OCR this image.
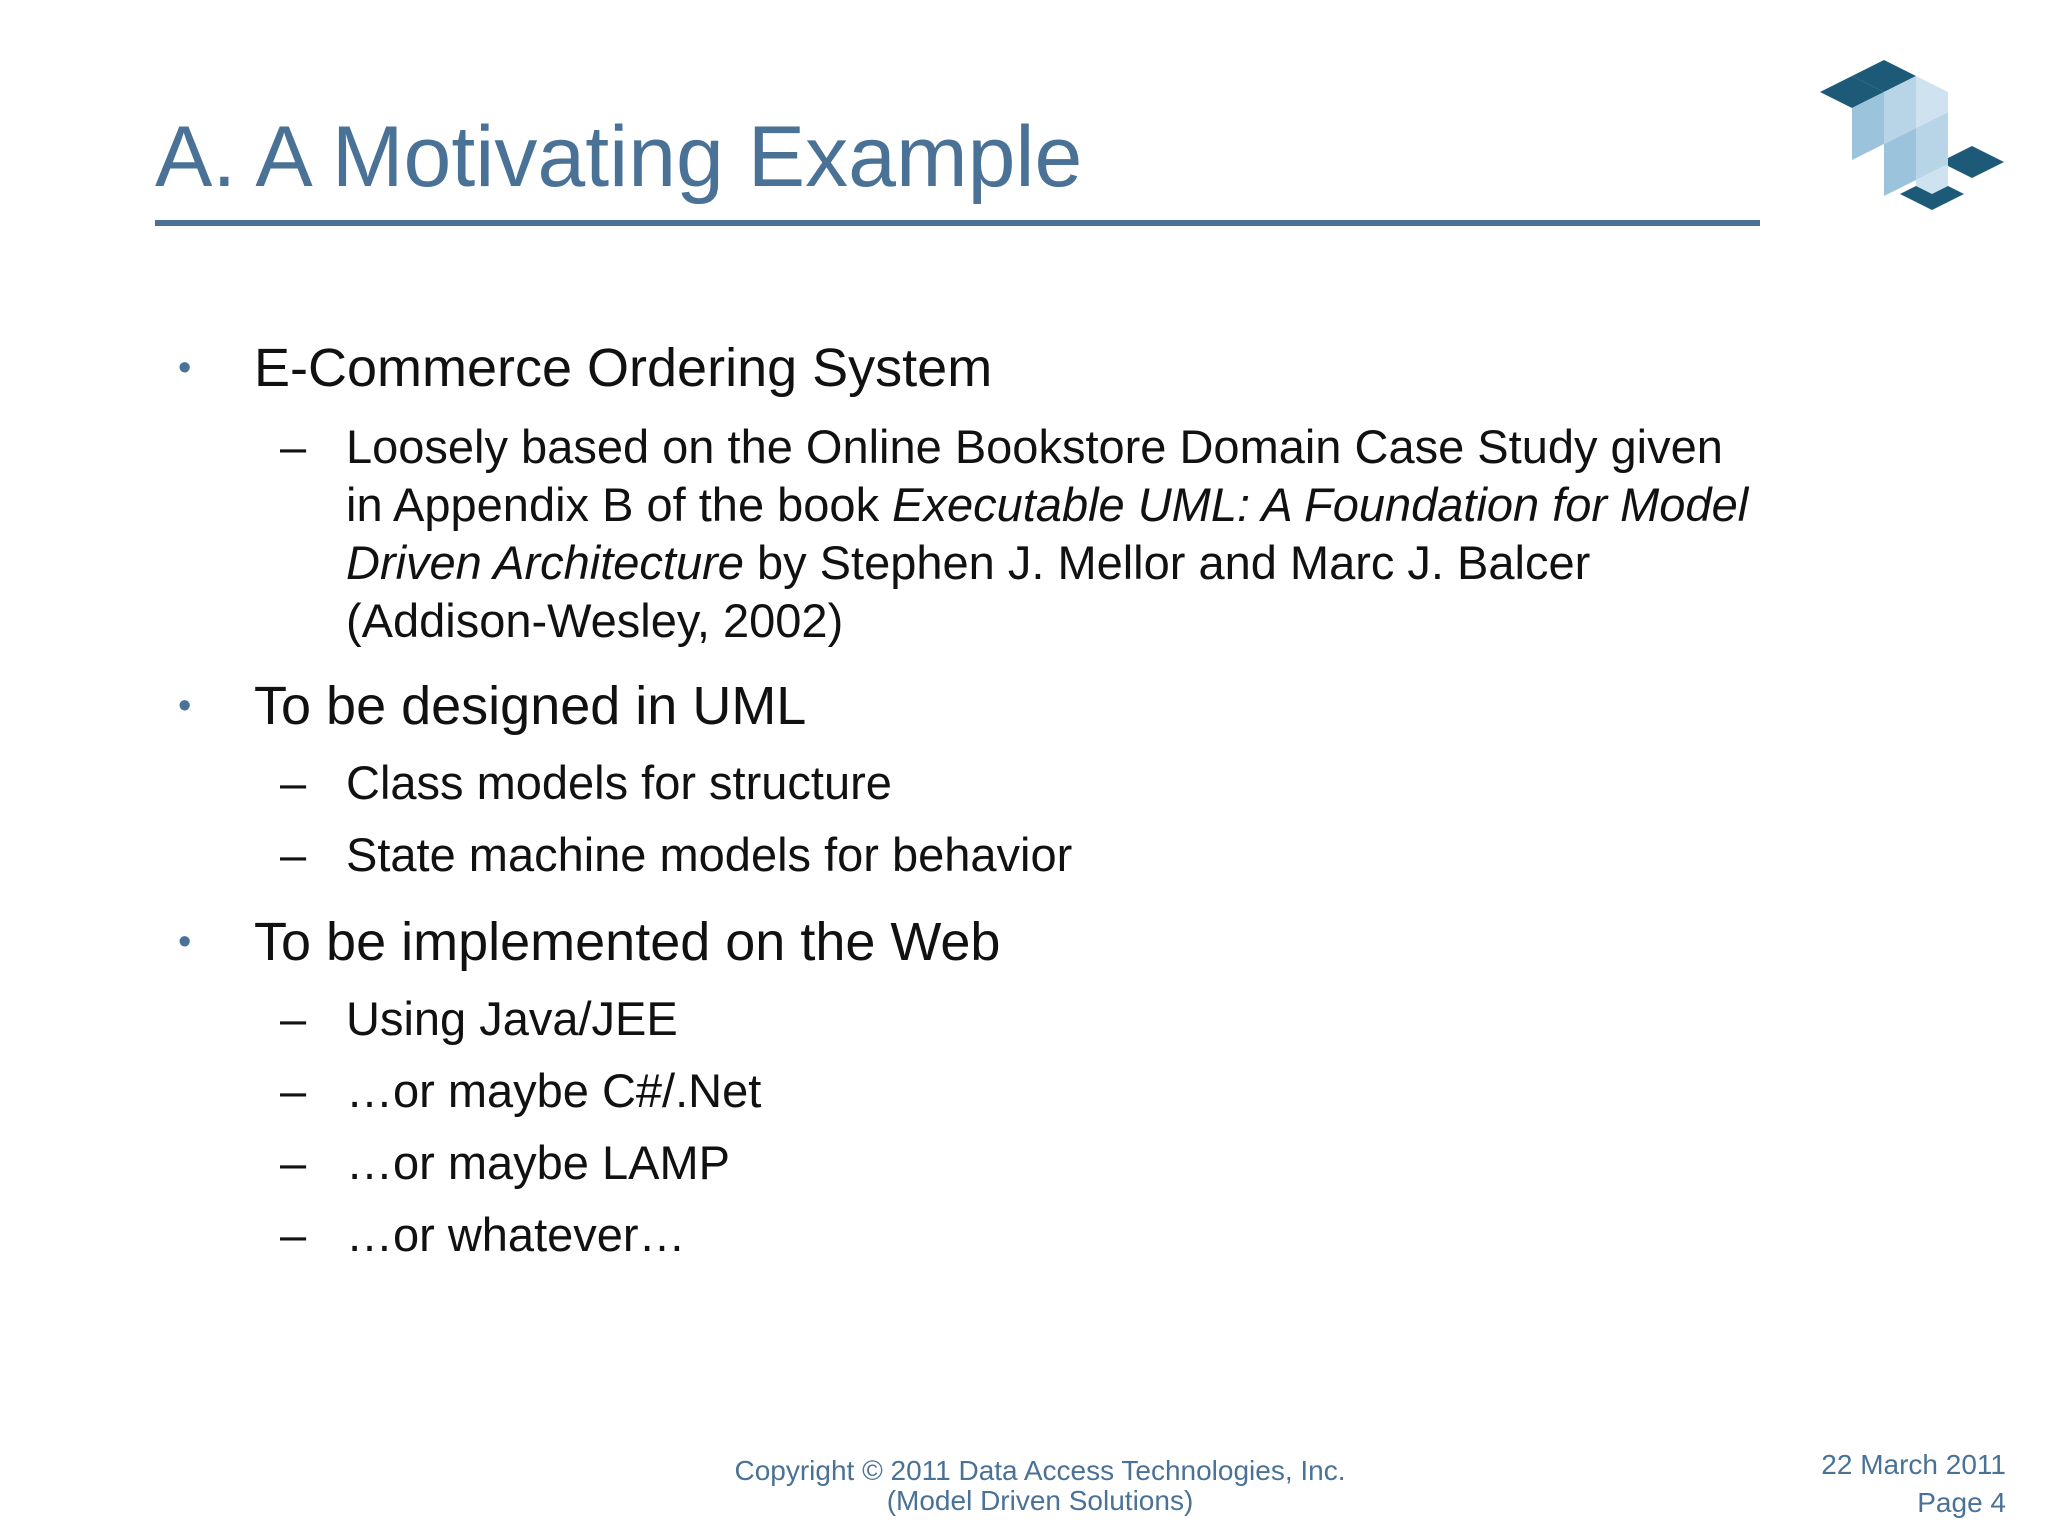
A. A Motivating Example
• E-Commerce Ordering System
– Loosely based on the Online Bookstore Domain Case Study given
in Appendix B of the book Executable UML: A Foundation for Model
Driven Architecture by Stephen J. Mellor and Marc J. Balcer
(Addison-Wesley, 2002)
• To be designed in UML
– Class models for structure
– State machine models for behavior
• To be implemented on the Web
– Using Java/JEE
– …or maybe C#/.Net
– …or maybe LAMP
– …or whatever…
Copyright © 2011 Data Access Technologies, Inc.
(Model Driven Solutions)
22 March 2011
Page 4
